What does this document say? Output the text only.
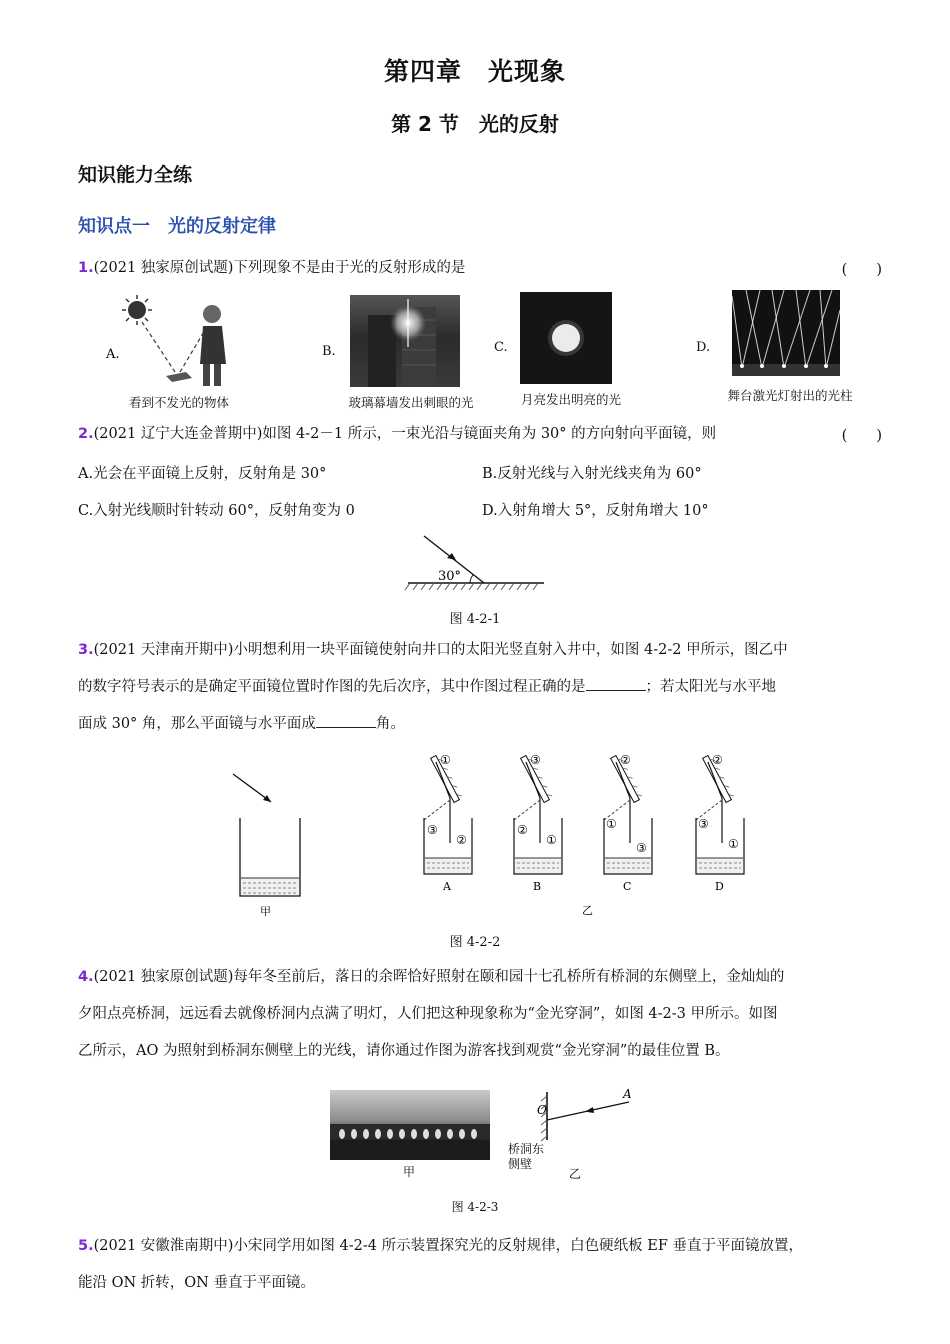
第四章　光现象
第 2 节　光的反射
知识能力全练
知识点一　光的反射定律
1.(2021 独家原创试题)下列现象不是由于光的反射形成的是	(　　)
A.
看到不发光的物体
B.
玻璃幕墙发出刺眼的光
C.
月亮发出明亮的光
D.
舞台激光灯射出的光柱
2.(2021 辽宁大连金普期中)如图 4-2－1 所示，一束光沿与镜面夹角为 30° 的方向射向平面镜，则	(　　)
A.光会在平面镜上反射，反射角是 30°	B.反射光线与入射光线夹角为 60°
C.入射光线顺时针转动 60°，反射角变为 0	D.入射角增大 5°，反射角增大 10°
30°
图 4-2-1
3.(2021 天津南开期中)小明想利用一块平面镜使射向井口的太阳光竖直射入井中，如图 4-2-2 甲所示，图乙中
的数字符号表示的是确定平面镜位置时作图的先后次序，其中作图过程正确的是	；若太阳光与水平地
面成 30° 角，那么平面镜与水平面成	角。
甲
①
③
②
③
②
①
②
①
③
②
③
①
A	B	C	D
乙
图 4-2-2
4.(2021 独家原创试题)每年冬至前后，落日的余晖恰好照射在颐和园十七孔桥所有桥洞的东侧壁上，金灿灿的
夕阳点亮桥洞，远远看去就像桥洞内点满了明灯，人们把这种现象称为“金光穿洞”，如图 4-2-3 甲所示。如图
乙所示，AO 为照射到桥洞东侧壁上的光线，请你通过作图为游客找到观赏“金光穿洞”的最佳位置 B。
甲
O
A
乙
桥洞东
侧壁
图 4-2-3
5.(2021 安徽淮南期中)小宋同学用如图 4-2-4 所示装置探究光的反射规律，白色硬纸板 EF 垂直于平面镜放置，
能沿 ON 折转，ON 垂直于平面镜。
